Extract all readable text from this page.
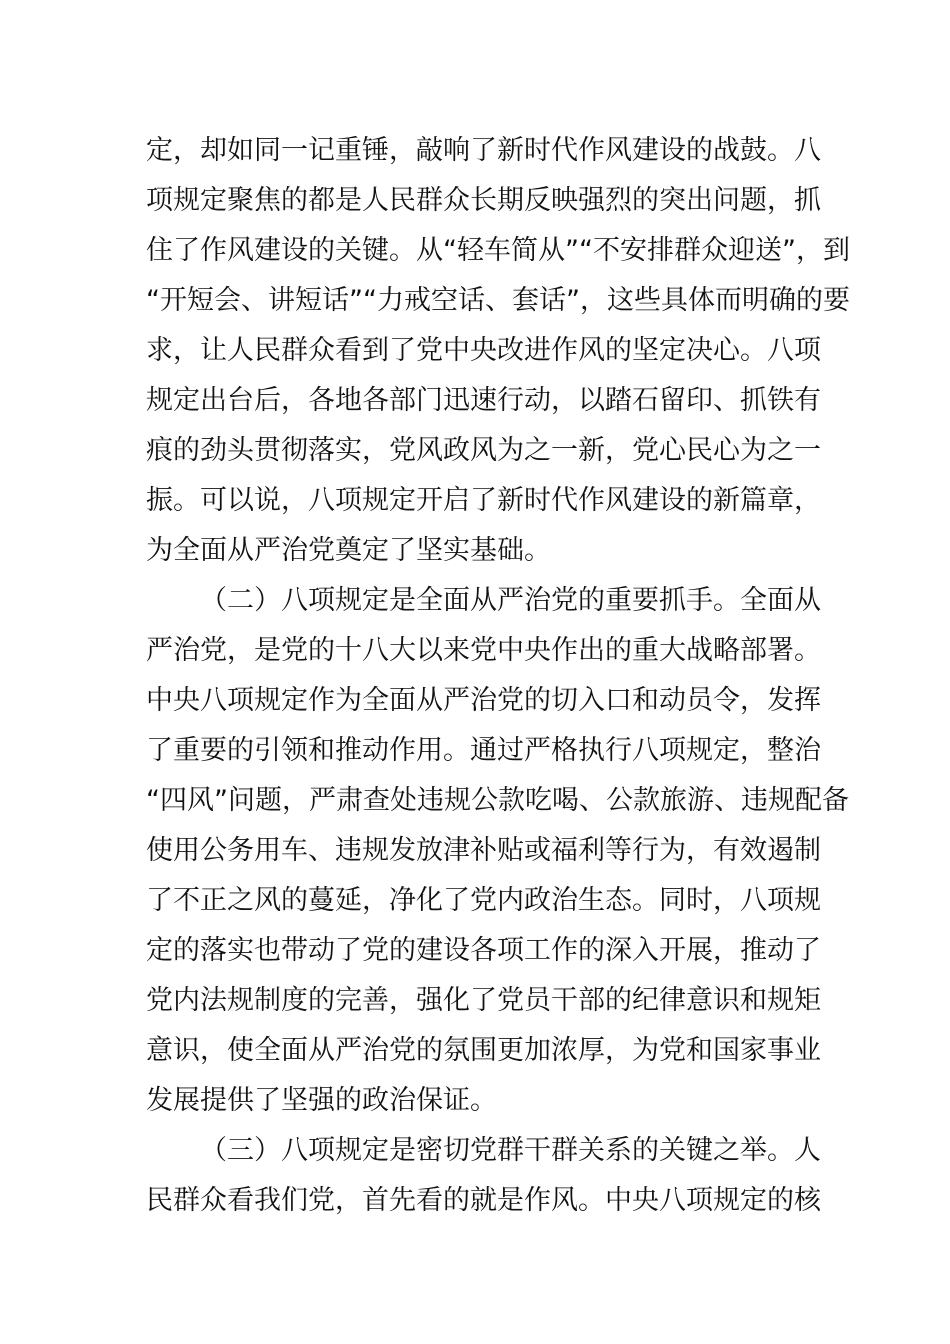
定，却如同一记重锤，敲响了新时代作风建设的战鼓。八
项规定聚焦的都是人民群众长期反映强烈的突出问题，抓
住了作风建设的关键。从“轻车简从”“不安排群众迎送”，到
“开短会、讲短话”“力戒空话、套话”，这些具体而明确的要
求，让人民群众看到了党中央改进作风的坚定决心。八项
规定出台后，各地各部门迅速行动，以踏石留印、抓铁有
痕的劲头贯彻落实，党风政风为之一新，党心民心为之一
振。可以说，八项规定开启了新时代作风建设的新篇章，
为全面从严治党奠定了坚实基础。
（二）八项规定是全面从严治党的重要抓手。全面从
严治党，是党的十八大以来党中央作出的重大战略部署。
中央八项规定作为全面从严治党的切入口和动员令，发挥
了重要的引领和推动作用。通过严格执行八项规定，整治
“四风”问题，严肃查处违规公款吃喝、公款旅游、违规配备
使用公务用车、违规发放津补贴或福利等行为，有效遏制
了不正之风的蔓延，净化了党内政治生态。同时，八项规
定的落实也带动了党的建设各项工作的深入开展，推动了
党内法规制度的完善，强化了党员干部的纪律意识和规矩
意识，使全面从严治党的氛围更加浓厚，为党和国家事业
发展提供了坚强的政治保证。
（三）八项规定是密切党群干群关系的关键之举。人
民群众看我们党，首先看的就是作风。中央八项规定的核
